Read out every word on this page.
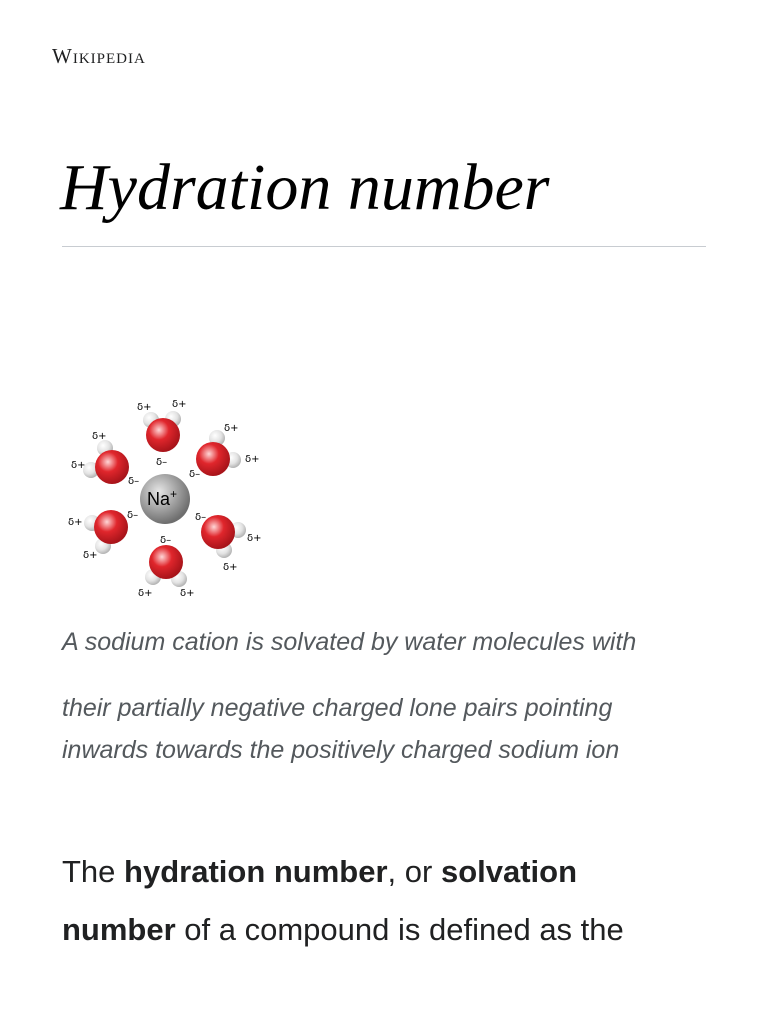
Wikipedia
Hydration number
Na+
δ+ δ+
δ+
δ+
δ+
δ+
δ+
δ+
δ+
δ+
δ+	δ+
δ–
δ–
δ–
δ–	δ–
δ–

A sodium cation is solvated by water molecules with
their partially negative charged lone pairs pointing
inwards towards the positively charged sodium ion

The hydration number, or solvation
number of a compound is defined as the
